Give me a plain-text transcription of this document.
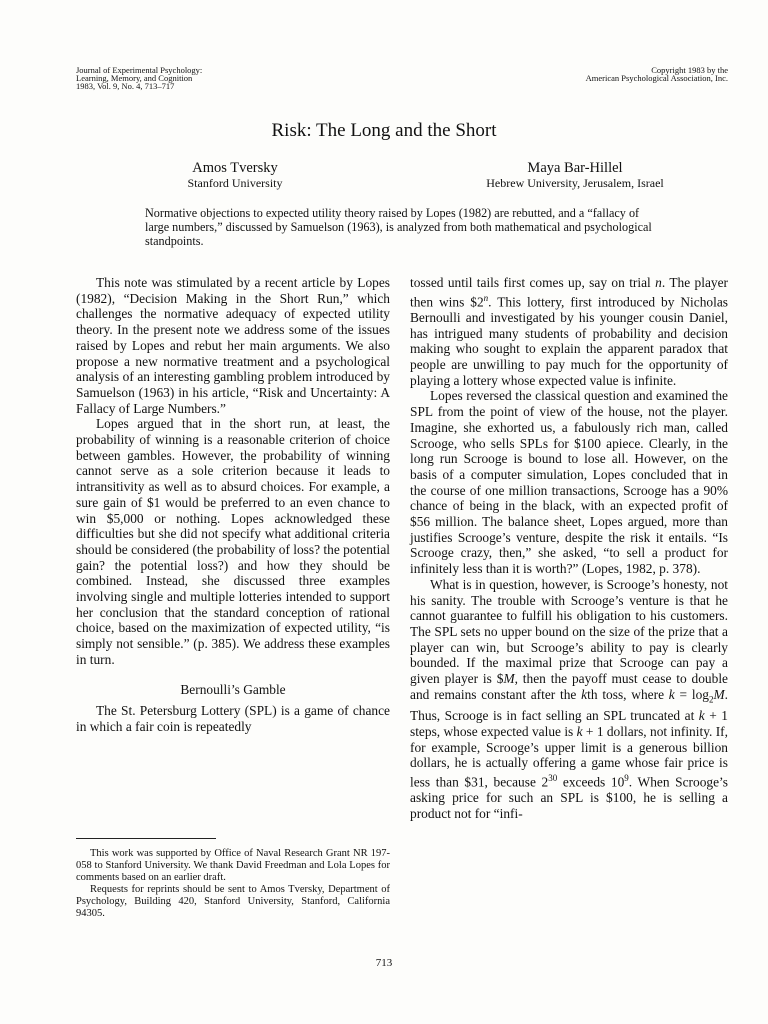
Journal of Experimental Psychology:
Learning, Memory, and Cognition
1983, Vol. 9, No. 4, 713–717
Copyright 1983 by the
American Psychological Association, Inc.
Risk: The Long and the Short
Amos Tversky
Stanford University
Maya Bar-Hillel
Hebrew University, Jerusalem, Israel
Normative objections to expected utility theory raised by Lopes (1982) are rebutted, and a “fallacy of large numbers,” discussed by Samuelson (1963), is analyzed from both mathematical and psychological standpoints.

This note was stimulated by a recent article by Lopes (1982), “Decision Making in the Short Run,” which challenges the normative adequacy of expected utility theory. In the present note we address some of the issues raised by Lopes and rebut her main arguments. We also propose a new normative treatment and a psychological analysis of an interesting gambling problem introduced by Samuelson (1963) in his article, “Risk and Uncertainty: A Fallacy of Large Numbers.”

Lopes argued that in the short run, at least, the probability of winning is a reasonable criterion of choice between gambles. However, the probability of winning cannot serve as a sole criterion because it leads to intransitivity as well as to absurd choices. For example, a sure gain of $1 would be preferred to an even chance to win $5,000 or nothing. Lopes acknowledged these difficulties but she did not specify what additional criteria should be considered (the probability of loss? the potential gain? the potential loss?) and how they should be combined. Instead, she discussed three examples involving single and multiple lotteries intended to support her conclusion that the standard conception of rational choice, based on the maximization of expected utility, “is simply not sensible.” (p. 385). We address these examples in turn.

Bernoulli’s Gamble

The St. Petersburg Lottery (SPL) is a game of chance in which a fair coin is repeatedly

This work was supported by Office of Naval Research Grant NR 197-058 to Stanford University. We thank David Freedman and Lola Lopes for comments based on an earlier draft.

Requests for reprints should be sent to Amos Tversky, Department of Psychology, Building 420, Stanford University, Stanford, California 94305.

tossed until tails first comes up, say on trial n. The player then wins $2$^n$. This lottery, first introduced by Nicholas Bernoulli and investigated by his younger cousin Daniel, has intrigued many students of probability and decision making who sought to explain the apparent paradox that people are unwilling to pay much for the opportunity of playing a lottery whose expected value is infinite.

Lopes reversed the classical question and examined the SPL from the point of view of the house, not the player. Imagine, she exhorted us, a fabulously rich man, called Scrooge, who sells SPLs for $100 apiece. Clearly, in the long run Scrooge is bound to lose all. However, on the basis of a computer simulation, Lopes concluded that in the course of one million transactions, Scrooge has a 90% chance of being in the black, with an expected profit of $56 million. The balance sheet, Lopes argued, more than justifies Scrooge’s venture, despite the risk it entails. “Is Scrooge crazy, then,” she asked, “to sell a product for infinitely less than it is worth?” (Lopes, 1982, p. 378).

What is in question, however, is Scrooge’s honesty, not his sanity. The trouble with Scrooge’s venture is that he cannot guarantee to fulfill his obligation to his customers. The SPL sets no upper bound on the size of the prize that a player can win, but Scrooge’s ability to pay is clearly bounded. If the maximal prize that Scrooge can pay a given player is $M, then the payoff must cease to double and remains constant after the kth toss, where $k = \log_2M$. Thus, Scrooge is in fact selling an SPL truncated at k + 1 steps, whose expected value is k + 1 dollars, not infinity. If, for example, Scrooge’s upper limit is a generous billion dollars, he is actually offering a game whose fair price is less than $31, because $2^{30}$ exceeds $10^9$. When Scrooge’s asking price for such an SPL is $100, he is selling a product not for “infi-

713
